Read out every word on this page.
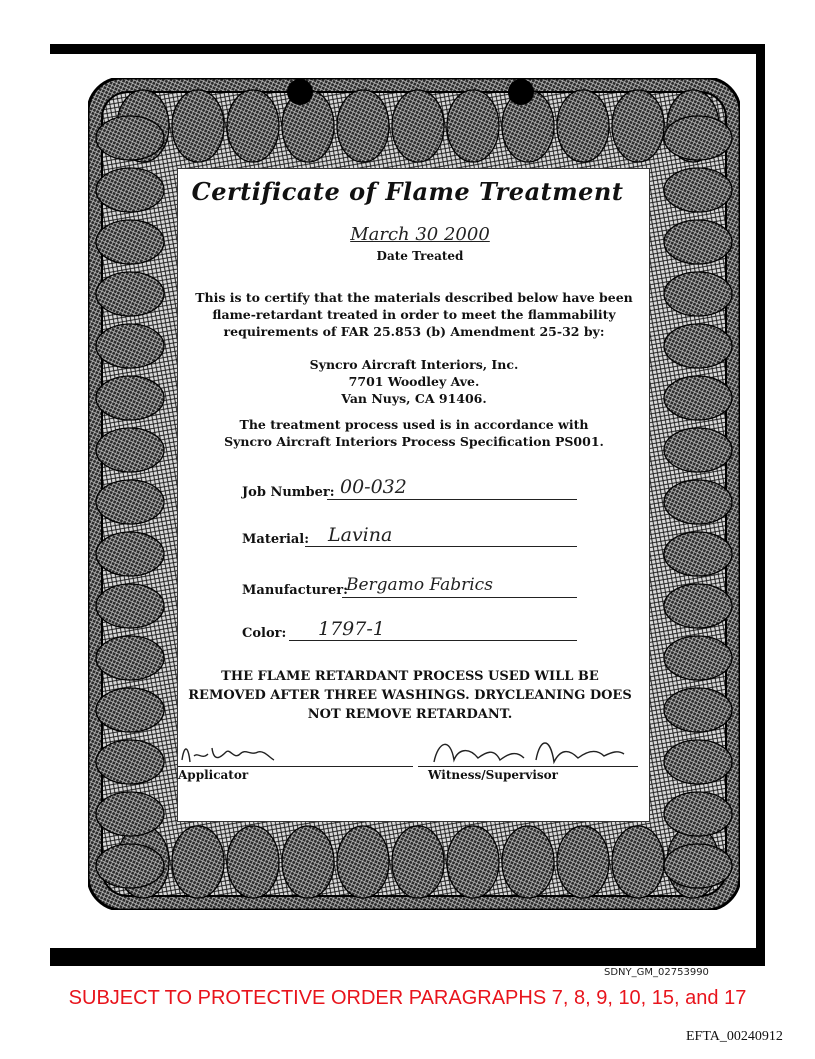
Certificate of Flame Treatment
March 30 2000
Date Treated
This is to certify that the materials described below have been
flame-retardant treated in order to meet the flammability
requirements of FAR 25.853 (b) Amendment 25-32 by:
Syncro Aircraft Interiors, Inc.
7701 Woodley Ave.
Van Nuys, CA 91406.
The treatment process used is in accordance with
Syncro Aircraft Interiors Process Specification PS001.
Job Number: 00-032
Material: Lavina
Manufacturer:
Bergamo Fabrics
Color: 1797-1
THE FLAME RETARDANT PROCESS USED WILL BE
REMOVED AFTER THREE WASHINGS. DRYCLEANING DOES
NOT REMOVE RETARDANT.
Applicator	Witness/Supervisor
SDNY_GM_02753990
SUBJECT TO PROTECTIVE ORDER PARAGRAPHS 7, 8, 9, 10, 15, and 17
EFTA_00240912
